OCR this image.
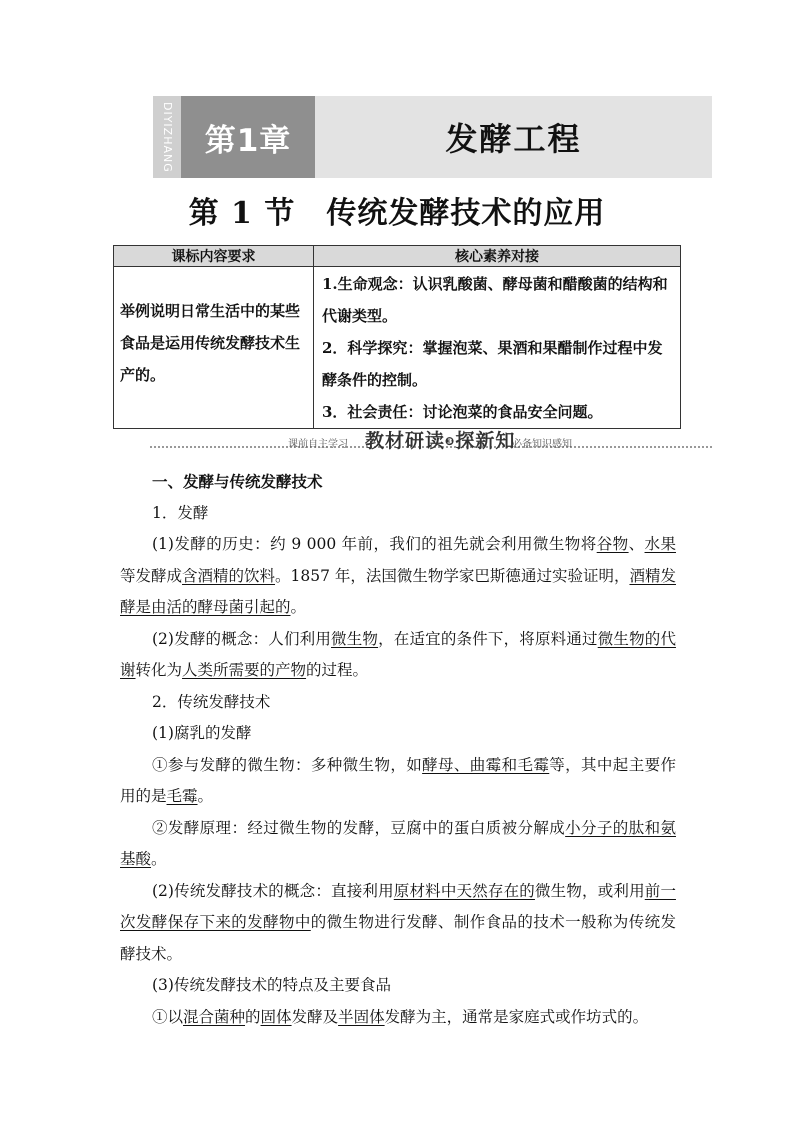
DIYIZHANG 第1章	发酵工程
第 1 节　传统发酵技术的应用
课标内容要求	核心素养对接
举例说明日常生活中的某些食品是运用传统发酵技术生产的。	1.生命观念：认识乳酸菌、酵母菌和醋酸菌的结构和代谢类型。
2．科学探究：掌握泡菜、果酒和果醋制作过程中发酵条件的控制。
3．社会责任：讨论泡菜的食品安全问题。
课前自主学习 教材研读❸探新知
必备知识感知

一、发酵与传统发酵技术

1．发酵

(1)发酵的历史：约 9 000 年前，我们的祖先就会利用微生物将谷物、水果等发酵成含酒精的饮料。1857 年，法国微生物学家巴斯德通过实验证明，酒精发酵是由活的酵母菌引起的。

(2)发酵的概念：人们利用微生物，在适宜的条件下，将原料通过微生物的代谢转化为人类所需要的产物的过程。

2．传统发酵技术

(1)腐乳的发酵

①参与发酵的微生物：多种微生物，如酵母、曲霉和毛霉等，其中起主要作用的是毛霉。

②发酵原理：经过微生物的发酵，豆腐中的蛋白质被分解成小分子的肽和氨基酸。

(2)传统发酵技术的概念：直接利用原材料中天然存在的微生物，或利用前一次发酵保存下来的发酵物中的微生物进行发酵、制作食品的技术一般称为传统发酵技术。

(3)传统发酵技术的特点及主要食品

①以混合菌种的固体发酵及半固体发酵为主，通常是家庭式或作坊式的。
